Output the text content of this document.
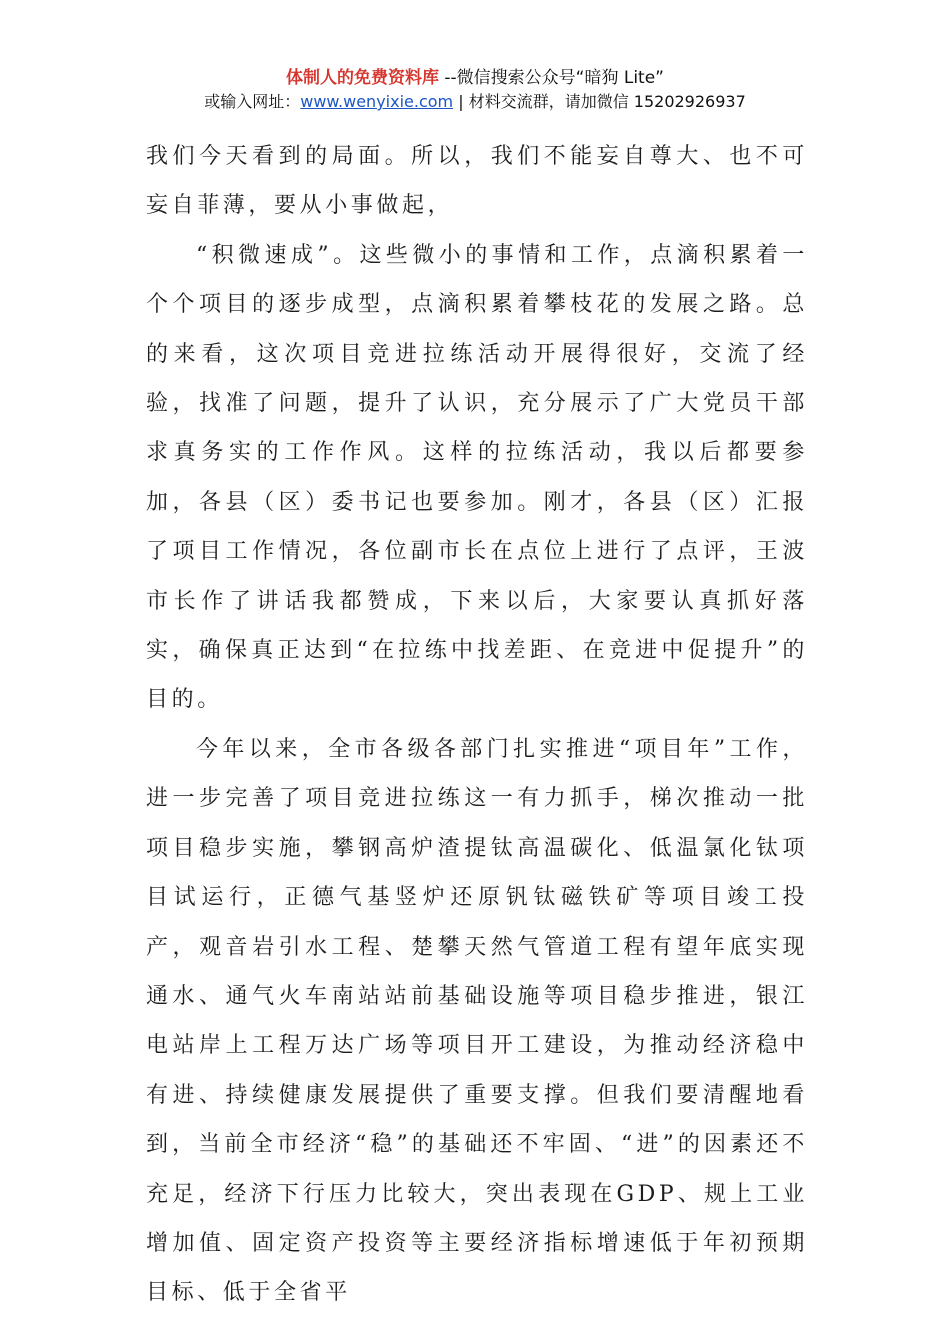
体制人的免费资料库 --微信搜索公众号“暗狗 Lite”
或输入网址：www.wenyixie.com | 材料交流群，请加微信 15202926937

我们今天看到的局面。所以，我们不能妄自尊大、也不可妄自菲薄，要从小事做起，

“积微速成”。这些微小的事情和工作，点滴积累着一个个项目的逐步成型，点滴积累着攀枝花的发展之路。总的来看，这次项目竞进拉练活动开展得很好，交流了经验，找准了问题，提升了认识，充分展示了广大党员干部求真务实的工作作风。这样的拉练活动，我以后都要参加，各县（区）委书记也要参加。刚才，各县（区）汇报了项目工作情况，各位副市长在点位上进行了点评，王波市长作了讲话我都赞成，下来以后，大家要认真抓好落实，确保真正达到“在拉练中找差距、在竞进中促提升”的目的。

今年以来，全市各级各部门扎实推进“项目年”工作，进一步完善了项目竞进拉练这一有力抓手，梯次推动一批项目稳步实施，攀钢高炉渣提钛高温碳化、低温氯化钛项目试运行，正德气基竖炉还原钒钛磁铁矿等项目竣工投产，观音岩引水工程、楚攀天然气管道工程有望年底实现通水、通气火车南站站前基础设施等项目稳步推进，银江电站岸上工程万达广场等项目开工建设，为推动经济稳中有进、持续健康发展提供了重要支撑。但我们要清醒地看到，当前全市经济“稳”的基础还不牢固、“进”的因素还不充足，经济下行压力比较大，突出表现在GDP、规上工业增加值、固定资产投资等主要经济指标增速低于年初预期目标、低于全省平
